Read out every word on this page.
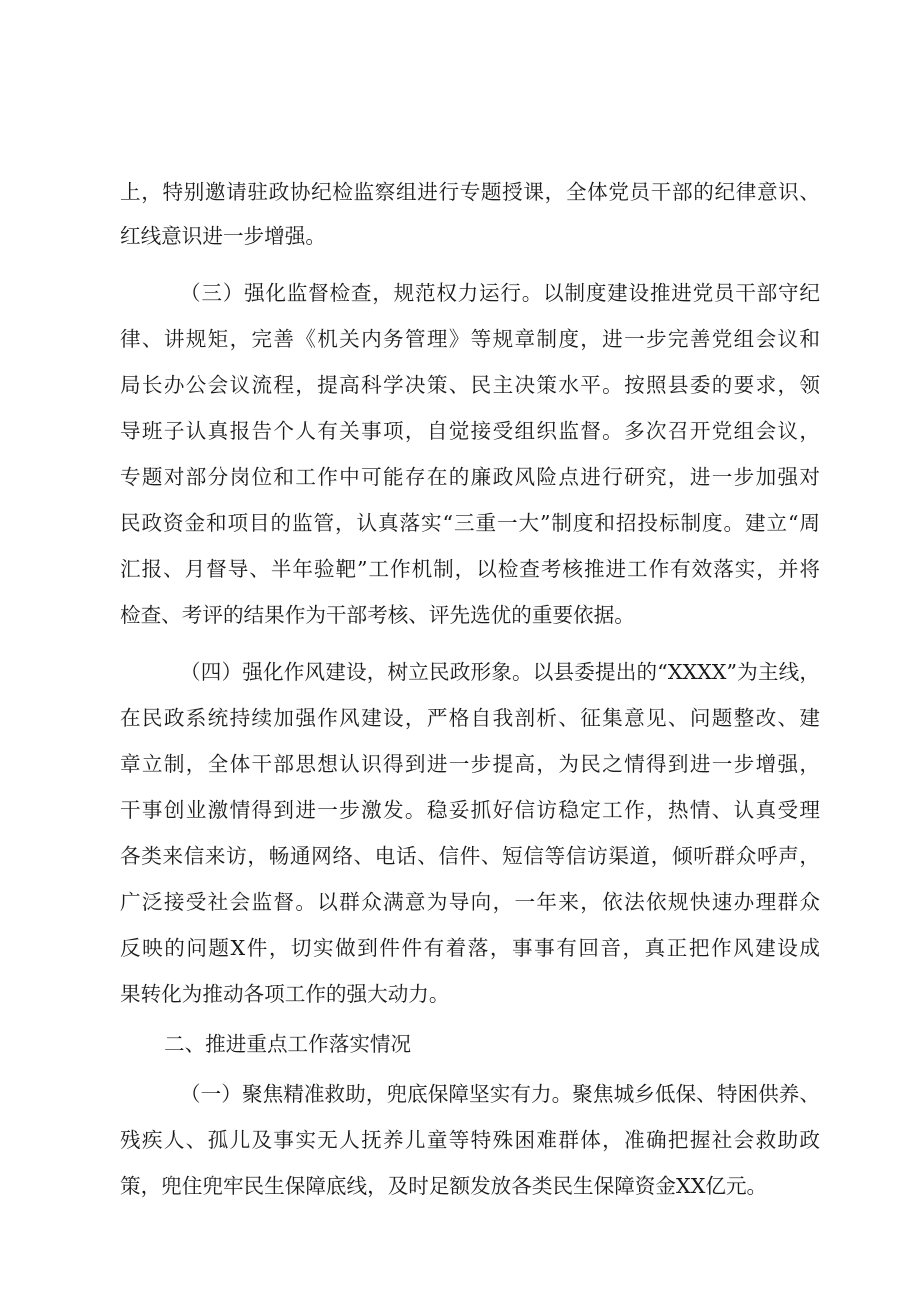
上，特别邀请驻政协纪检监察组进行专题授课，全体党员干部的纪律意识、
红线意识进一步增强。
（三）强化监督检查，规范权力运行。以制度建设推进党员干部守纪
律、讲规矩，完善《机关内务管理》等规章制度，进一步完善党组会议和
局长办公会议流程，提高科学决策、民主决策水平。按照县委的要求，领
导班子认真报告个人有关事项，自觉接受组织监督。多次召开党组会议，
专题对部分岗位和工作中可能存在的廉政风险点进行研究，进一步加强对
民政资金和项目的监管，认真落实“三重一大”制度和招投标制度。建立“周
汇报、月督导、半年验靶”工作机制，以检查考核推进工作有效落实，并将
检查、考评的结果作为干部考核、评先选优的重要依据。
（四）强化作风建设，树立民政形象。以县委提出的“XXXX”为主线，
在民政系统持续加强作风建设，严格自我剖析、征集意见、问题整改、建
章立制，全体干部思想认识得到进一步提高，为民之情得到进一步增强，
干事创业激情得到进一步激发。稳妥抓好信访稳定工作，热情、认真受理
各类来信来访，畅通网络、电话、信件、短信等信访渠道，倾听群众呼声，
广泛接受社会监督。以群众满意为导向，一年来，依法依规快速办理群众
反映的问题X件，切实做到件件有着落，事事有回音，真正把作风建设成
果转化为推动各项工作的强大动力。
二、推进重点工作落实情况
（一）聚焦精准救助，兜底保障坚实有力。聚焦城乡低保、特困供养、
残疾人、孤儿及事实无人抚养儿童等特殊困难群体，准确把握社会救助政
策，兜住兜牢民生保障底线，及时足额发放各类民生保障资金XX亿元。
